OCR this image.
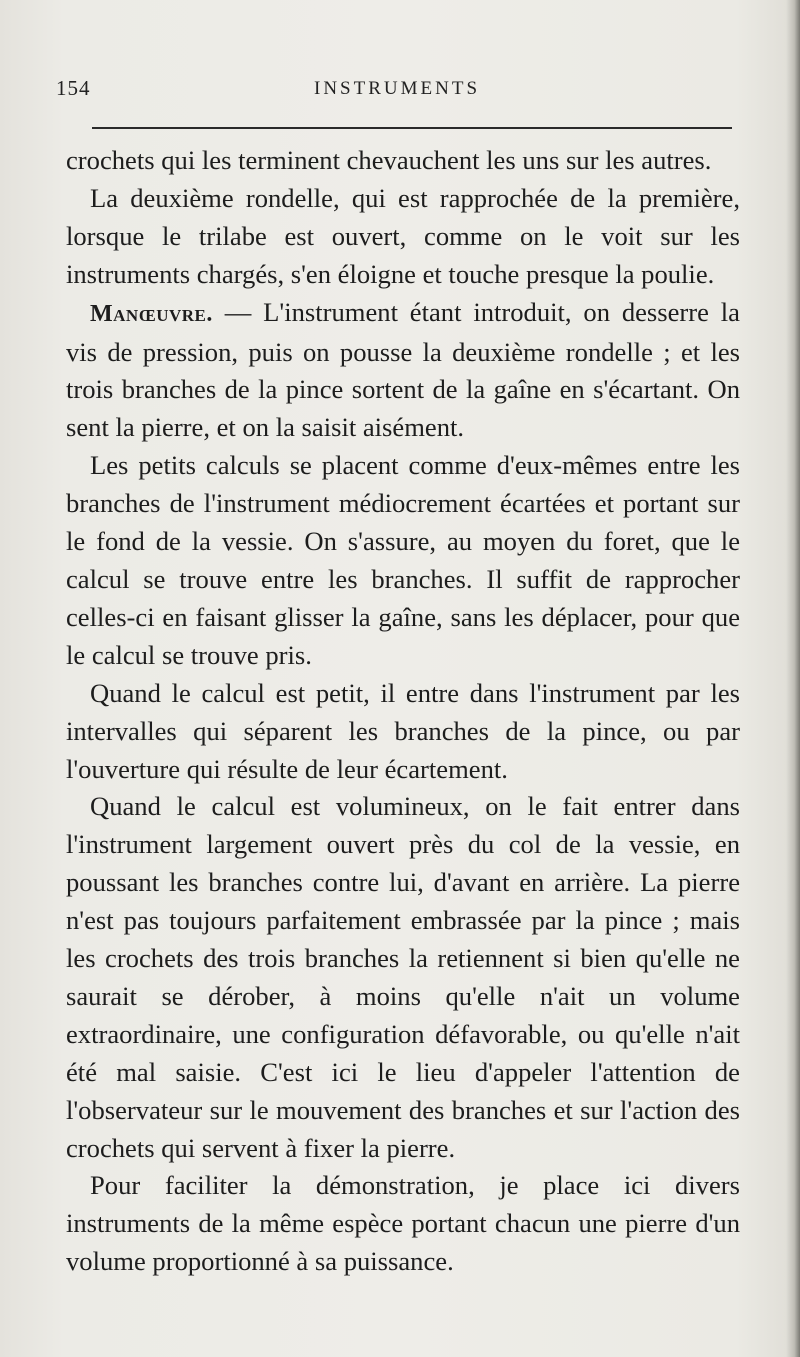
154	INSTRUMENTS

crochets qui les terminent chevauchent les uns sur les autres.

La deuxième rondelle, qui est rapprochée de la première, lorsque le trilabe est ouvert, comme on le voit sur les instruments chargés, s'en éloigne et touche presque la poulie.

Manœuvre. — L'instrument étant introduit, on desserre la vis de pression, puis on pousse la deuxième rondelle ; et les trois branches de la pince sortent de la gaîne en s'écartant. On sent la pierre, et on la saisit aisément.

Les petits calculs se placent comme d'eux-mêmes entre les branches de l'instrument médiocrement écartées et portant sur le fond de la vessie. On s'assure, au moyen du foret, que le calcul se trouve entre les branches. Il suffit de rapprocher celles-ci en faisant glisser la gaîne, sans les déplacer, pour que le calcul se trouve pris.

Quand le calcul est petit, il entre dans l'instrument par les intervalles qui séparent les branches de la pince, ou par l'ouverture qui résulte de leur écartement.

Quand le calcul est volumineux, on le fait entrer dans l'instrument largement ouvert près du col de la vessie, en poussant les branches contre lui, d'avant en arrière. La pierre n'est pas toujours parfaitement embrassée par la pince ; mais les crochets des trois branches la retiennent si bien qu'elle ne saurait se dérober, à moins qu'elle n'ait un volume extraordinaire, une configuration défavorable, ou qu'elle n'ait été mal saisie. C'est ici le lieu d'appeler l'attention de l'observateur sur le mouvement des branches et sur l'action des crochets qui servent à fixer la pierre.

Pour faciliter la démonstration, je place ici divers instruments de la même espèce portant chacun une pierre d'un volume proportionné à sa puissance.
